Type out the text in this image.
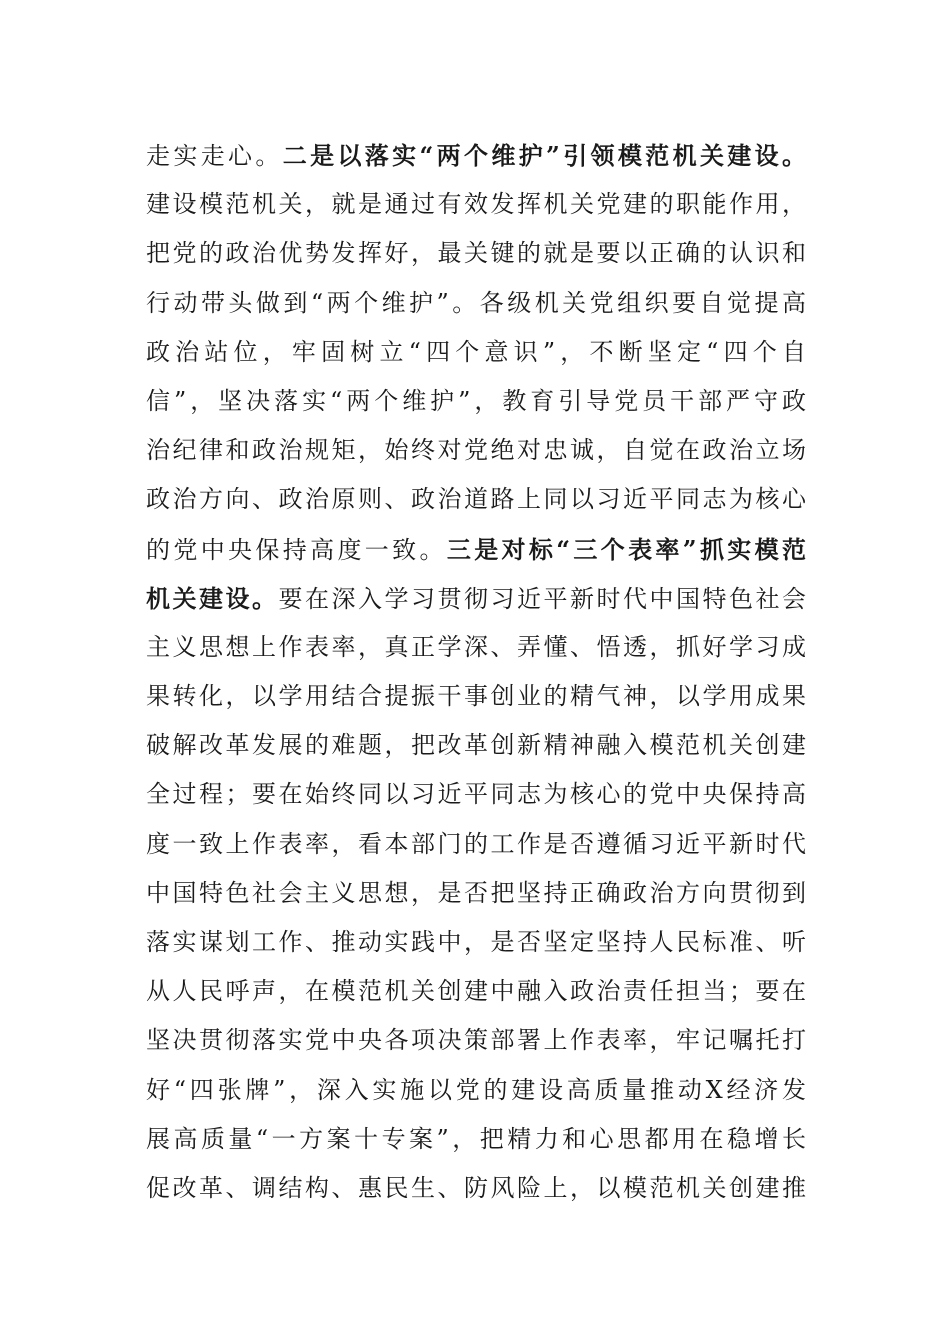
走实走心。二是以落实“两个维护”引领模范机关建设。
建设模范机关，就是通过有效发挥机关党建的职能作用，
把党的政治优势发挥好，最关键的就是要以正确的认识和
行动带头做到“两个维护”。各级机关党组织要自觉提高
政治站位，牢固树立“四个意识”，不断坚定“四个自
信”，坚决落实“两个维护”，教育引导党员干部严守政
治纪律和政治规矩，始终对党绝对忠诚，自觉在政治立场
政治方向、政治原则、政治道路上同以习近平同志为核心
的党中央保持高度一致。三是对标“三个表率”抓实模范
机关建设。要在深入学习贯彻习近平新时代中国特色社会
主义思想上作表率，真正学深、弄懂、悟透，抓好学习成
果转化，以学用结合提振干事创业的精气神，以学用成果
破解改革发展的难题，把改革创新精神融入模范机关创建
全过程；要在始终同以习近平同志为核心的党中央保持高
度一致上作表率，看本部门的工作是否遵循习近平新时代
中国特色社会主义思想，是否把坚持正确政治方向贯彻到
落实谋划工作、推动实践中，是否坚定坚持人民标准、听
从人民呼声，在模范机关创建中融入政治责任担当；要在
坚决贯彻落实党中央各项决策部署上作表率，牢记嘱托打
好“四张牌”，深入实施以党的建设高质量推动X经济发
展高质量“一方案十专案”，把精力和心思都用在稳增长
促改革、调结构、惠民生、防风险上，以模范机关创建推
